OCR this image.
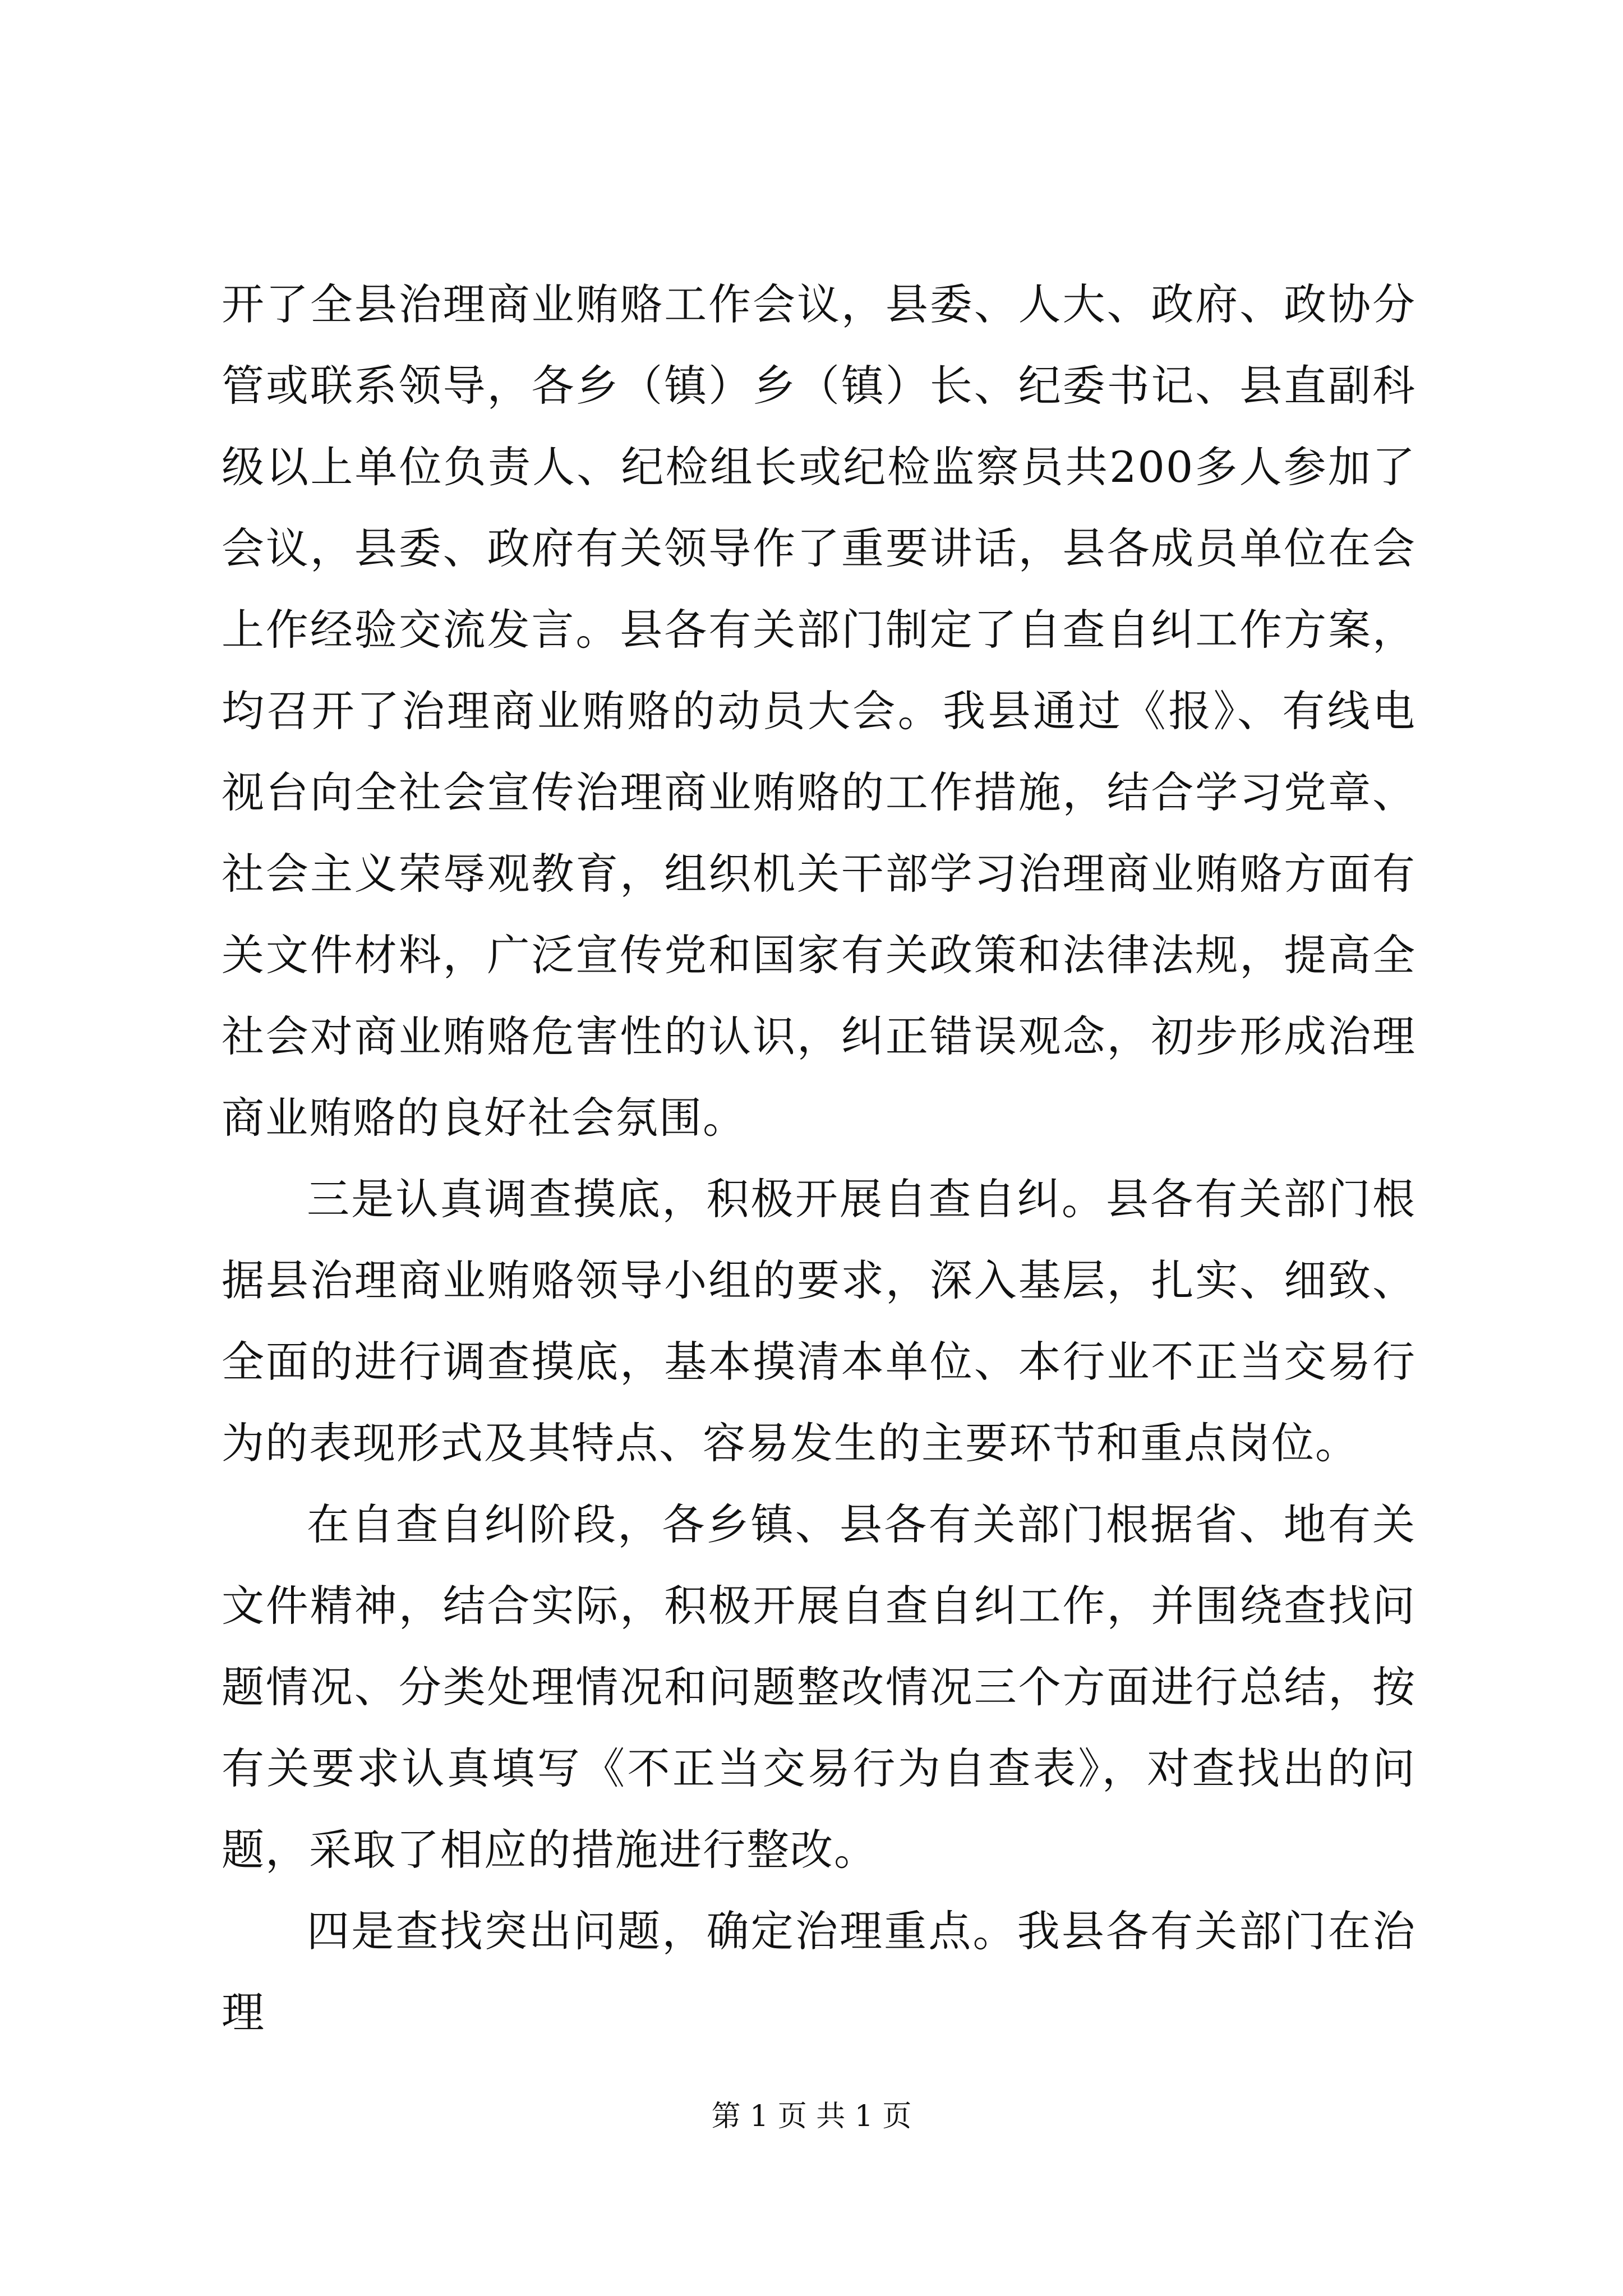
开了全县治理商业贿赂工作会议，县委、人大、政府、政协分管或联系领导，各乡（镇）乡（镇）长、纪委书记、县直副科级以上单位负责人、纪检组长或纪检监察员共200多人参加了会议，县委、政府有关领导作了重要讲话，县各成员单位在会上作经验交流发言。县各有关部门制定了自查自纠工作方案，均召开了治理商业贿赂的动员大会。我县通过《报》、有线电视台向全社会宣传治理商业贿赂的工作措施，结合学习党章、社会主义荣辱观教育，组织机关干部学习治理商业贿赂方面有关文件材料，广泛宣传党和国家有关政策和法律法规，提高全社会对商业贿赂危害性的认识，纠正错误观念，初步形成治理商业贿赂的良好社会氛围。

三是认真调查摸底，积极开展自查自纠。县各有关部门根据县治理商业贿赂领导小组的要求，深入基层，扎实、细致、全面的进行调查摸底，基本摸清本单位、本行业不正当交易行为的表现形式及其特点、容易发生的主要环节和重点岗位。

在自查自纠阶段，各乡镇、县各有关部门根据省、地有关文件精神，结合实际，积极开展自查自纠工作，并围绕查找问题情况、分类处理情况和问题整改情况三个方面进行总结，按有关要求认真填写《不正当交易行为自查表》，对查找出的问题，采取了相应的措施进行整改。

四是查找突出问题，确定治理重点。我县各有关部门在治理

第 1 页 共 1 页
